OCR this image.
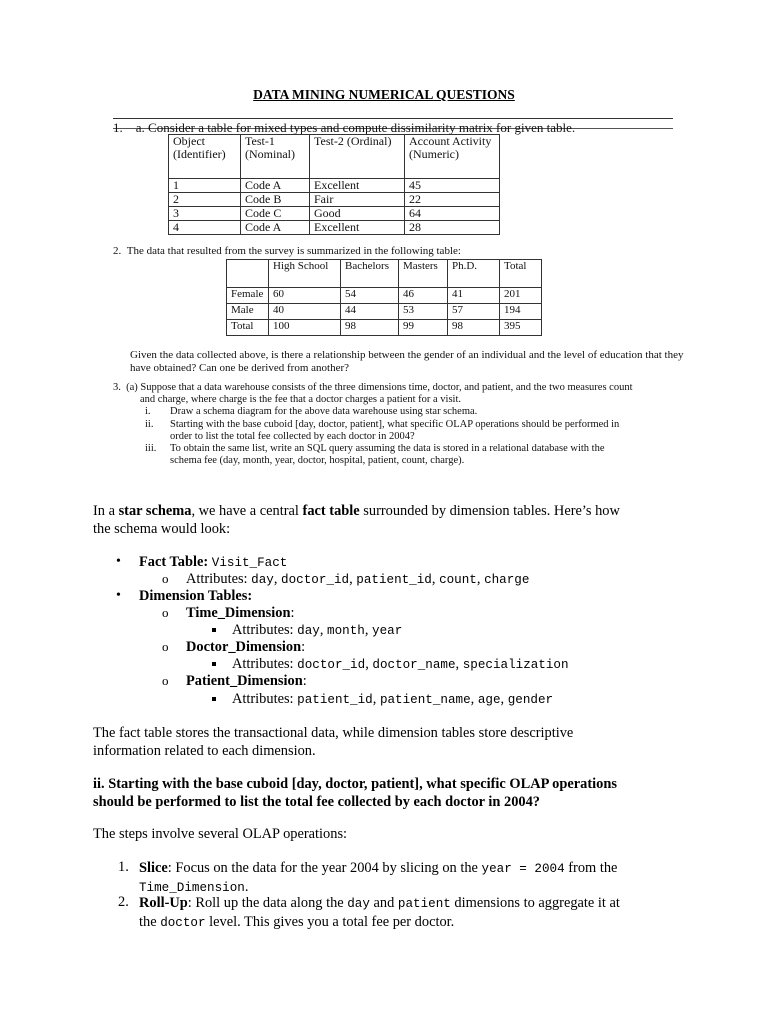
DATA MINING NUMERICAL QUESTIONS
1. a. Consider a table for mixed types and compute dissimilarity matrix for given table.
Object (Identifier)	Test-1 (Nominal)	Test-2 (Ordinal)	Account Activity (Numeric)
1	Code A	Excellent	45
2	Code B	Fair	22
3	Code C	Good	64
4	Code A	Excellent	28
2. The data that resulted from the survey is summarized in the following table:
	High School	Bachelors	Masters	Ph.D.	Total
Female	60	54	46	41	201
Male	40	44	53	57	194
Total	100	98	99	98	395
Given the data collected above, is there a relationship between the gender of an individual and the level of education that they have obtained? Can one be derived from another?
3. (a) Suppose that a data warehouse consists of the three dimensions time, doctor, and patient, and the two measures count
and charge, where charge is the fee that a doctor charges a patient for a visit.
i.	Draw a schema diagram for the above data warehouse using star schema.
ii.	Starting with the base cuboid [day, doctor, patient], what specific OLAP operations should be performed in
order to list the total fee collected by each doctor in 2004?
iii.	To obtain the same list, write an SQL query assuming the data is stored in a relational database with the
schema fee (day, month, year, doctor, hospital, patient, count, charge).
In a star schema, we have a central fact table surrounded by dimension tables. Here’s how
the schema would look:
• Fact Table: Visit_Fact
o Attributes: day, doctor_id, patient_id, count, charge
• Dimension Tables:
o Time_Dimension:
Attributes: day, month, year
o Doctor_Dimension:
Attributes: doctor_id, doctor_name, specialization
o Patient_Dimension:
Attributes: patient_id, patient_name, age, gender
The fact table stores the transactional data, while dimension tables store descriptive
information related to each dimension.
ii. Starting with the base cuboid [day, doctor, patient], what specific OLAP operations
should be performed to list the total fee collected by each doctor in 2004?
The steps involve several OLAP operations:
1. Slice: Focus on the data for the year 2004 by slicing on the year = 2004 from the
Time_Dimension.
2. Roll-Up: Roll up the data along the day and patient dimensions to aggregate it at
the doctor level. This gives you a total fee per doctor.
